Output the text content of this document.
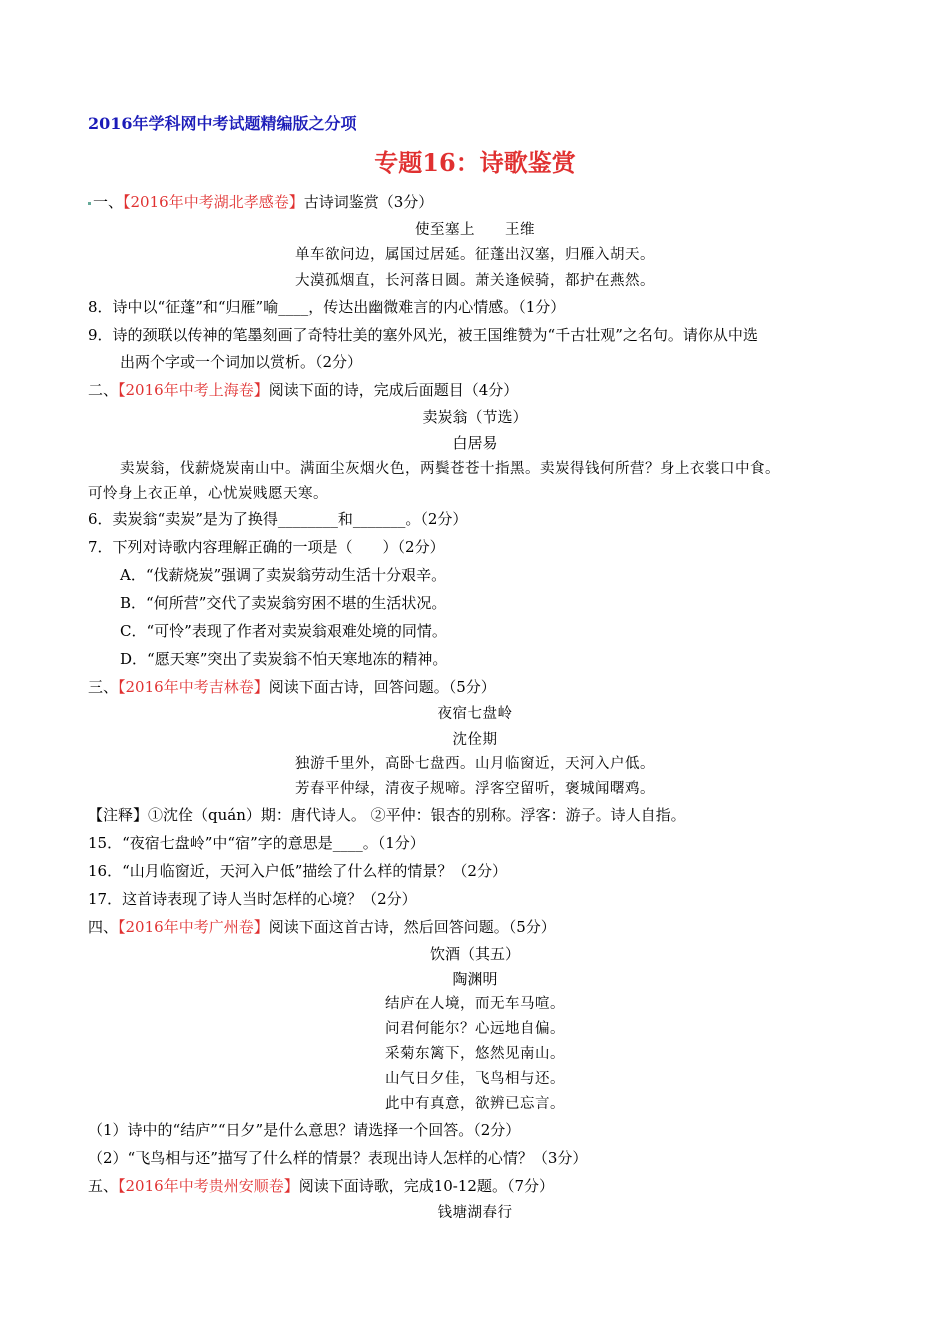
2016年学科网中考试题精编版之分项
专题16：诗歌鉴赏
一、【2016年中考湖北孝感卷】古诗词鉴赏（3分）
使至塞上　　王维
单车欲问边，属国过居延。征蓬出汉塞，归雁入胡天。
大漠孤烟直，长河落日圆。萧关逢候骑，都护在燕然。
8．诗中以“征蓬”和“归雁”喻____，传达出幽微难言的内心情感。（1分）
9．诗的颈联以传神的笔墨刻画了奇特壮美的塞外风光，被王国维赞为“千古壮观”之名句。请你从中选
出两个字或一个词加以赏析。（2分）
二、【2016年中考上海卷】阅读下面的诗，完成后面题目（4分）
卖炭翁（节选）
白居易
卖炭翁，伐薪烧炭南山中。满面尘灰烟火色，两鬓苍苍十指黑。卖炭得钱何所营？身上衣裳口中食。
可怜身上衣正单，心忧炭贱愿天寒。
6．卖炭翁“卖炭”是为了换得________和_______。（2分）
7．下列对诗歌内容理解正确的一项是（　　）（2分）
A．“伐薪烧炭”强调了卖炭翁劳动生活十分艰辛。
B．“何所营”交代了卖炭翁穷困不堪的生活状况。
C．“可怜”表现了作者对卖炭翁艰难处境的同情。
D．“愿天寒”突出了卖炭翁不怕天寒地冻的精神。
三、【2016年中考吉林卷】阅读下面古诗，回答问题。（5分）
夜宿七盘岭
沈佺期
独游千里外，高卧七盘西。山月临窗近，天河入户低。
芳春平仲绿，清夜子规啼。浮客空留听，褒城闻曙鸡。
【注释】①沈佺（quán）期：唐代诗人。 ②平仲：银杏的别称。浮客：游子。诗人自指。
15．“夜宿七盘岭”中“宿”字的意思是____。（1分）
16．“山月临窗近，天河入户低”描绘了什么样的情景？（2分）
17．这首诗表现了诗人当时怎样的心境？（2分）
四、【2016年中考广州卷】阅读下面这首古诗，然后回答问题。（5分）
饮酒（其五）
陶渊明
结庐在人境，而无车马喧。
问君何能尔？心远地自偏。
采菊东篱下，悠然见南山。
山气日夕佳，飞鸟相与还。
此中有真意，欲辨已忘言。
（1）诗中的“结庐”“日夕”是什么意思？请选择一个回答。（2分）
（2）“飞鸟相与还”描写了什么样的情景？表现出诗人怎样的心情？（3分）
五、【2016年中考贵州安顺卷】阅读下面诗歌，完成10-12题。（7分）
钱塘湖春行
